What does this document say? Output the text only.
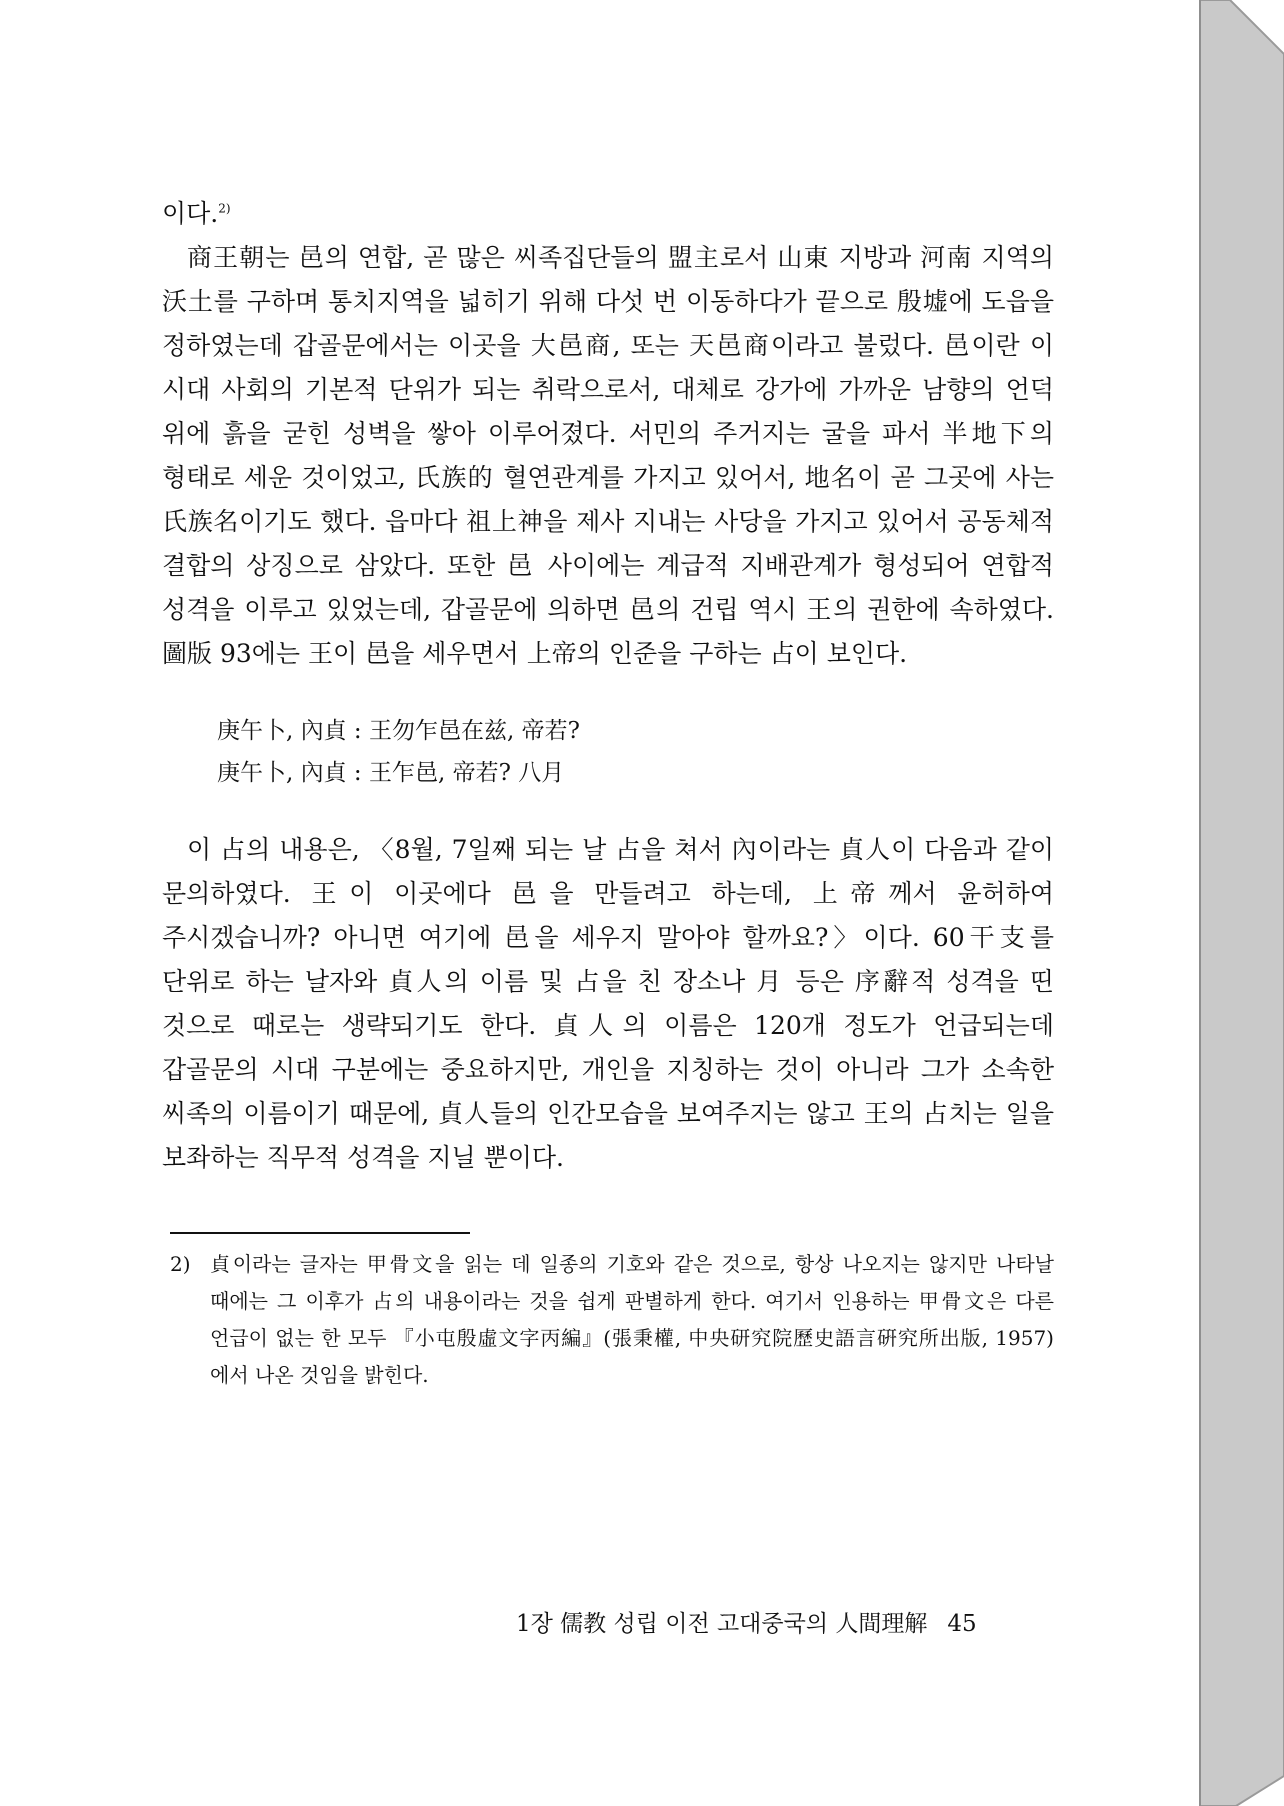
이다.$^{2)}$

商王朝는 邑의 연합, 곧 많은 씨족집단들의 盟主로서 山東 지방과 河南 지역의 沃土를 구하며 통치지역을 넓히기 위해 다섯 번 이동하다가 끝으로 殷墟에 도읍을 정하였는데 갑골문에서는 이곳을 大邑商, 또는 天邑商이라고 불렀다. 邑이란 이 시대 사회의 기본적 단위가 되는 취락으로서, 대체로 강가에 가까운 남향의 언덕 위에 흙을 굳힌 성벽을 쌓아 이루어졌다. 서민의 주거지는 굴을 파서 半地下의 형태로 세운 것이었고, 氏族的 혈연관계를 가지고 있어서, 地名이 곧 그곳에 사는 氏族名이기도 했다. 읍마다 祖上神을 제사 지내는 사당을 가지고 있어서 공동체적 결합의 상징으로 삼았다. 또한 邑 사이에는 계급적 지배관계가 형성되어 연합적 성격을 이루고 있었는데, 갑골문에 의하면 邑의 건립 역시 王의 권한에 속하였다. 圖版 93에는 王이 邑을 세우면서 上帝의 인준을 구하는 占이 보인다.

庚午卜, 內貞 : 王勿乍邑在兹, 帝若?
庚午卜, 內貞 : 王乍邑, 帝若? 八月

이 占의 내용은, 〈8월, 7일째 되는 날 占을 쳐서 內이라는 貞人이 다음과 같이 문의하였다. 王이 이곳에다 邑을 만들려고 하는데, 上帝께서 윤허하여 주시겠습니까? 아니면 여기에 邑을 세우지 말아야 할까요?〉이다. 60干支를 단위로 하는 날자와 貞人의 이름 및 占을 친 장소나 月 등은 序辭적 성격을 띤 것으로 때로는 생략되기도 한다. 貞人의 이름은 120개 정도가 언급되는데 갑골문의 시대 구분에는 중요하지만, 개인을 지칭하는 것이 아니라 그가 소속한 씨족의 이름이기 때문에, 貞人들의 인간모습을 보여주지는 않고 王의 占치는 일을 보좌하는 직무적 성격을 지닐 뿐이다.

2) 貞이라는 글자는 甲骨文을 읽는 데 일종의 기호와 같은 것으로, 항상 나오지는 않지만 나타날 때에는 그 이후가 占의 내용이라는 것을 쉽게 판별하게 한다. 여기서 인용하는 甲骨文은 다른 언급이 없는 한 모두 『小屯殷虛文字丙編』(張秉權, 中央研究院歷史語言硏究所出版, 1957)에서 나온 것임을 밝힌다.
1장 儒教 성립 이전 고대중국의 人間理解 45
